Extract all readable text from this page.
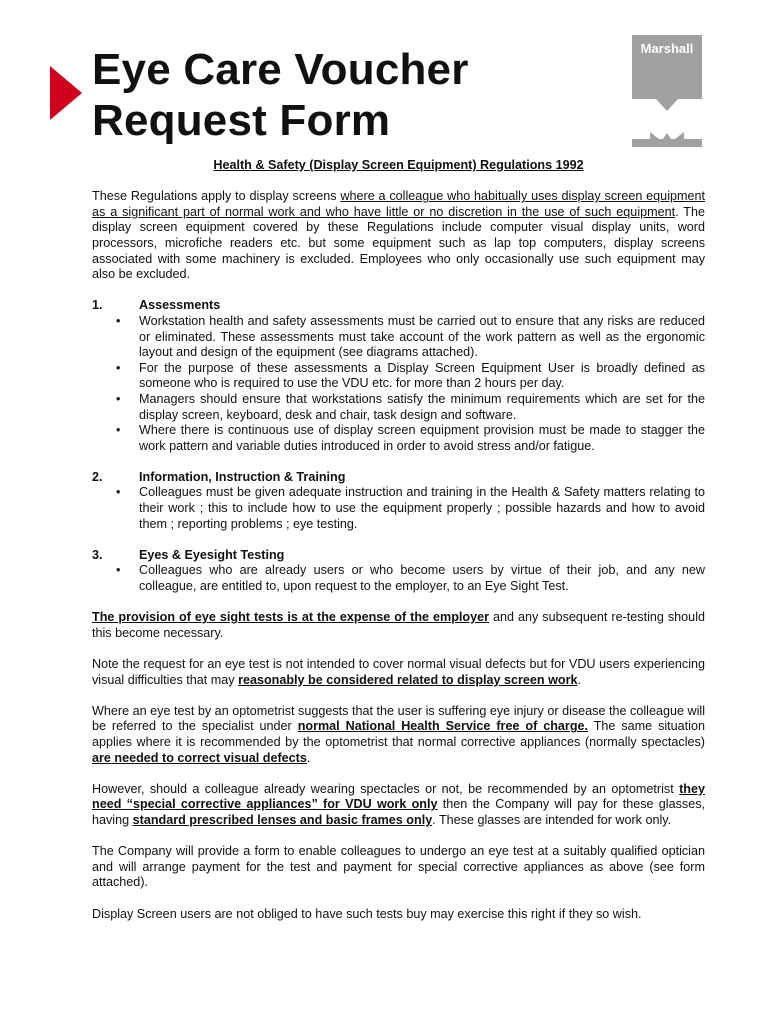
Eye Care Voucher
Request Form
Marshall

Health & Safety (Display Screen Equipment) Regulations 1992

These Regulations apply to display screens where a colleague who habitually uses display screen equipment as a significant part of normal work and who have little or no discretion in the use of such equipment. The display screen equipment covered by these Regulations include computer visual display units, word processors, microfiche readers etc. but some equipment such as lap top computers, display screens associated with some machinery is excluded. Employees who only occasionally use such equipment may also be excluded.

1.	Assessments
• Workstation health and safety assessments must be carried out to ensure that any risks are reduced or eliminated. These assessments must take account of the work pattern as well as the ergonomic layout and design of the equipment (see diagrams attached).
• For the purpose of these assessments a Display Screen Equipment User is broadly defined as someone who is required to use the VDU etc. for more than 2 hours per day.
• Managers should ensure that workstations satisfy the minimum requirements which are set for the display screen, keyboard, desk and chair, task design and software.
• Where there is continuous use of display screen equipment provision must be made to stagger the work pattern and variable duties introduced in order to avoid stress and/or fatigue.
2.	Information, Instruction & Training
• Colleagues must be given adequate instruction and training in the Health & Safety matters relating to their work ; this to include how to use the equipment properly ; possible hazards and how to avoid them ; reporting problems ; eye testing.
3.	Eyes & Eyesight Testing
• Colleagues who are already users or who become users by virtue of their job, and any new colleague, are entitled to, upon request to the employer, to an Eye Sight Test.

The provision of eye sight tests is at the expense of the employer and any subsequent re-testing should this become necessary.

Note the request for an eye test is not intended to cover normal visual defects but for VDU users experiencing visual difficulties that may reasonably be considered related to display screen work.

Where an eye test by an optometrist suggests that the user is suffering eye injury or disease the colleague will be referred to the specialist under normal National Health Service free of charge. The same situation applies where it is recommended by the optometrist that normal corrective appliances (normally spectacles) are needed to correct visual defects.

However, should a colleague already wearing spectacles or not, be recommended by an optometrist they need “special corrective appliances” for VDU work only then the Company will pay for these glasses, having standard prescribed lenses and basic frames only. These glasses are intended for work only.

The Company will provide a form to enable colleagues to undergo an eye test at a suitably qualified optician and will arrange payment for the test and payment for special corrective appliances as above (see form attached).

Display Screen users are not obliged to have such tests buy may exercise this right if they so wish.
